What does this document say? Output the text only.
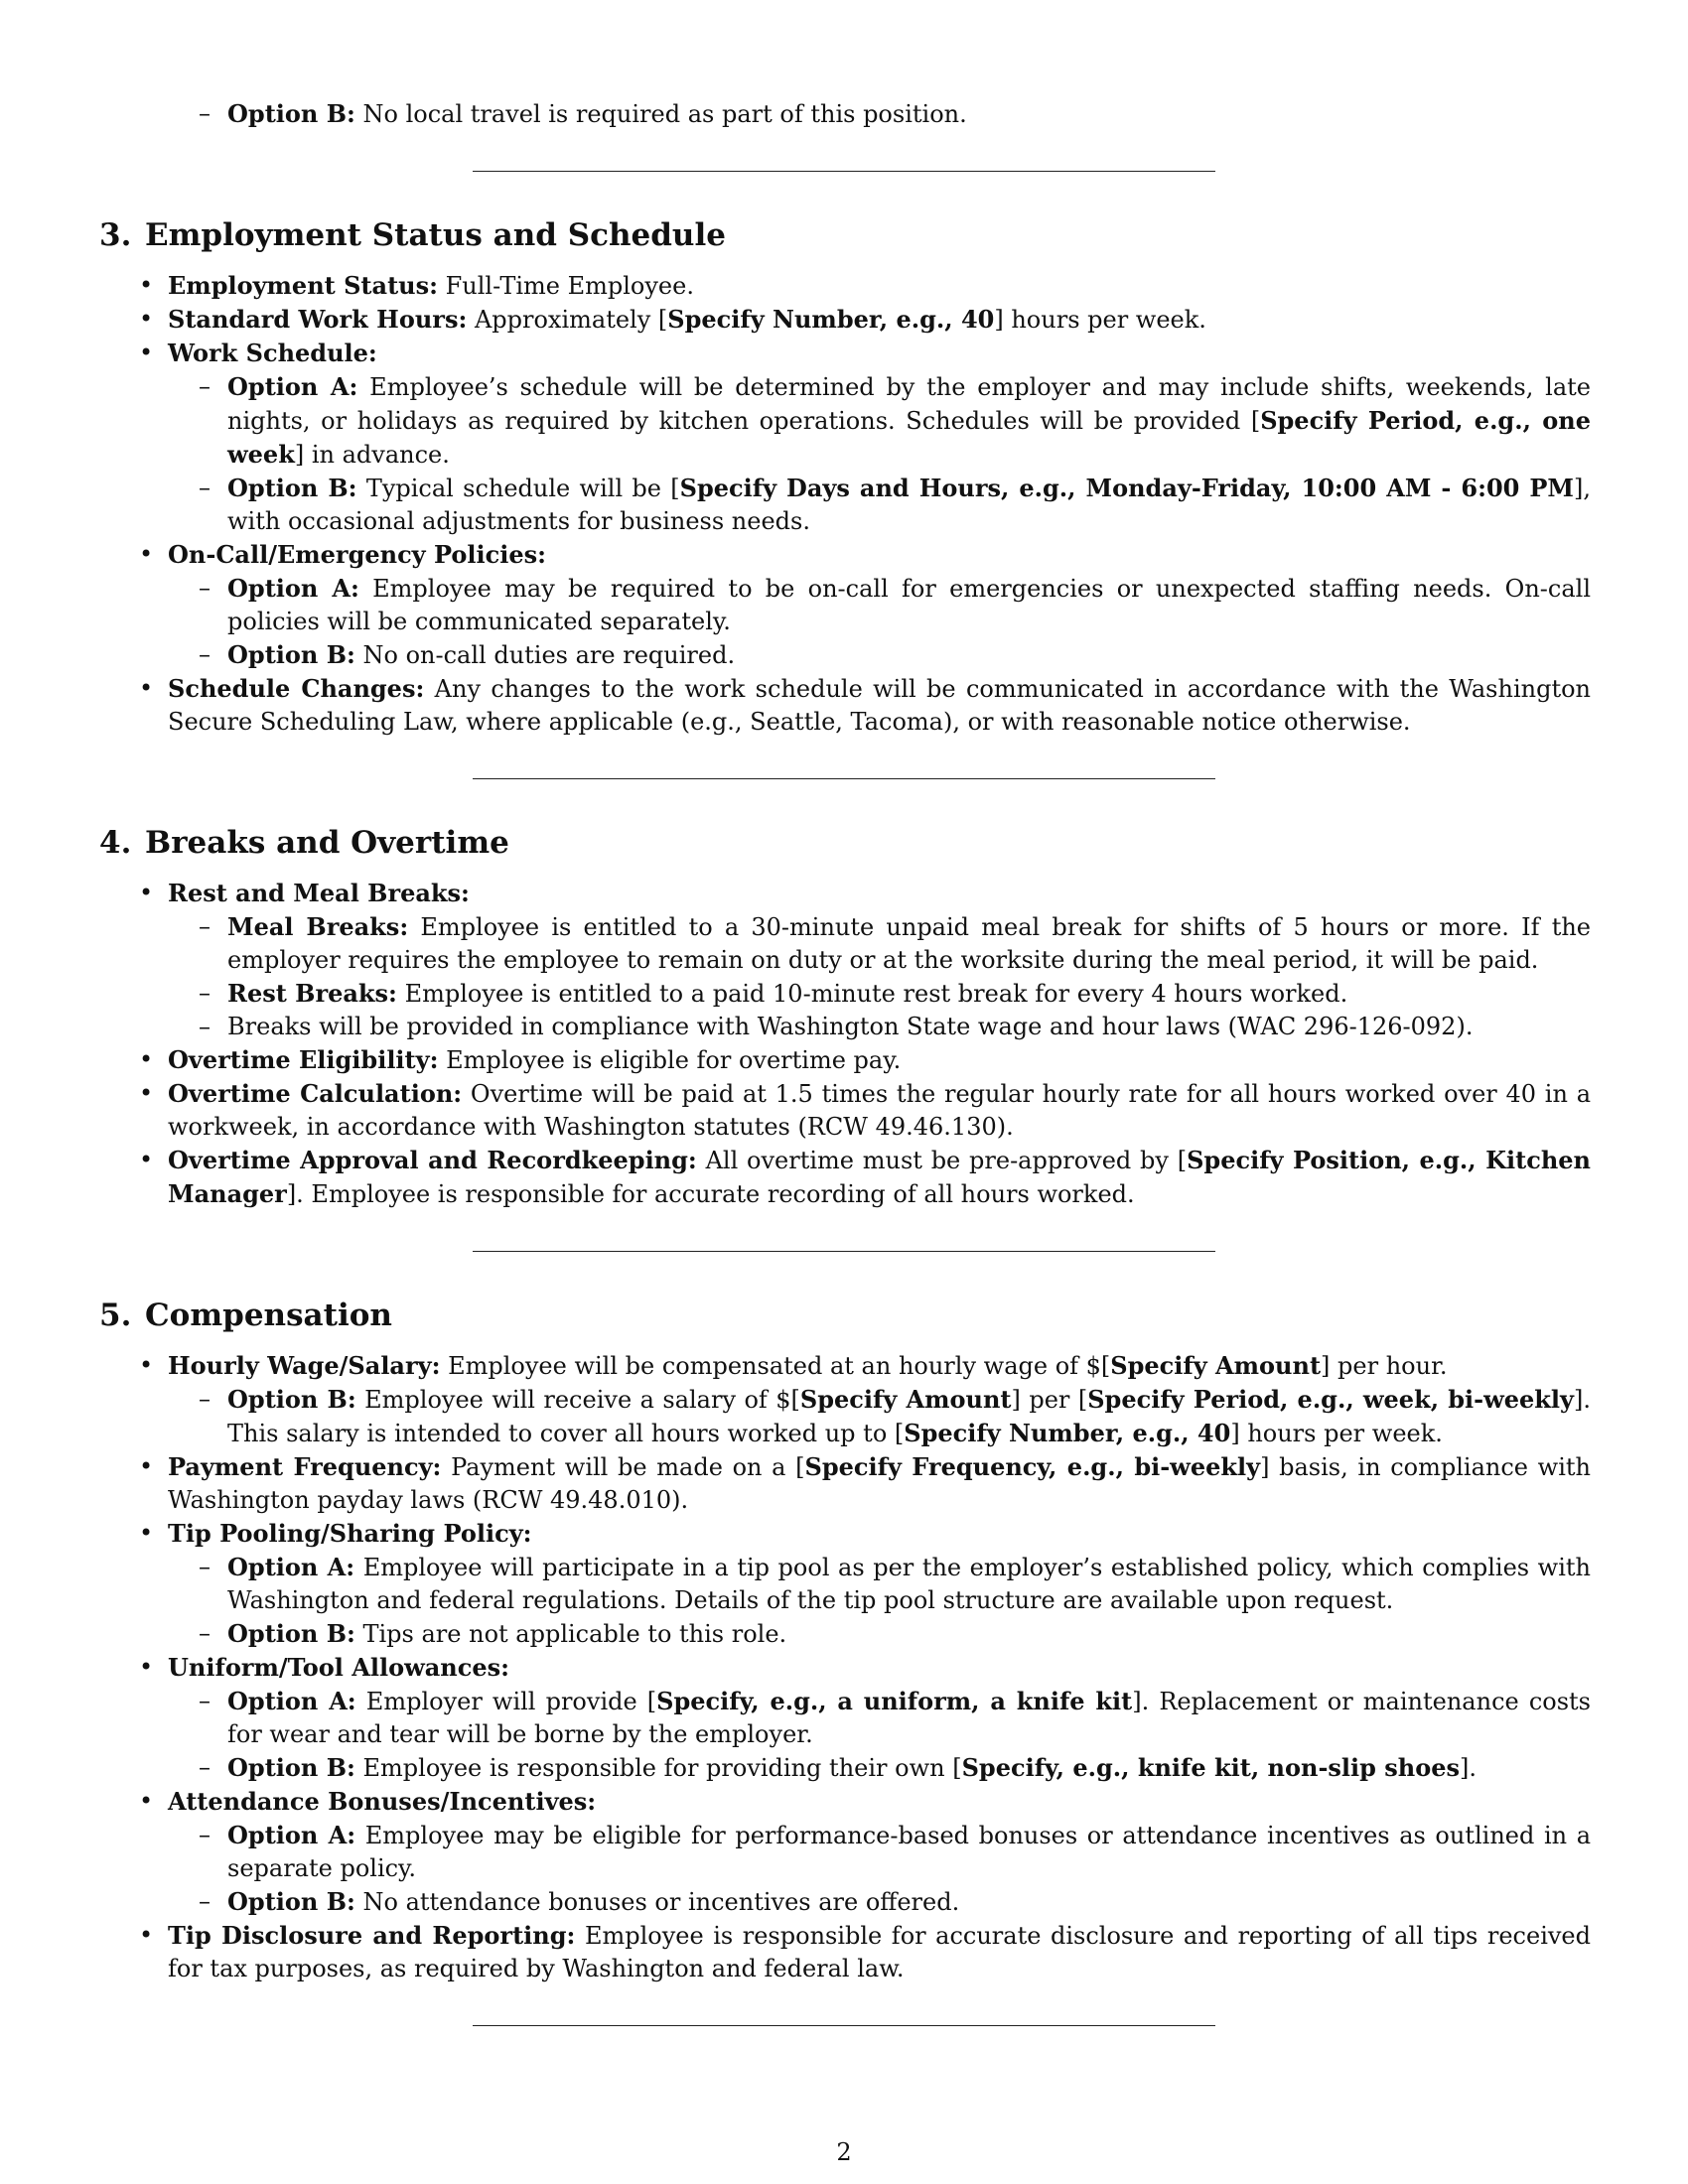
– Option B: No local travel is required as part of this position.
3. Employment Status and Schedule
• Employment Status: Full-Time Employee.
• Standard Work Hours: Approximately [Specify Number, e.g., 40] hours per week.
• Work Schedule:
– Option A: Employee’s schedule will be determined by the employer and may include shifts, weekends, late nights, or holidays as required by kitchen operations. Schedules will be provided [Specify Period, e.g., one week] in advance.
– Option B: Typical schedule will be [Specify Days and Hours, e.g., Monday-Friday, 10:00 AM - 6:00 PM], with occasional adjustments for business needs.
• On-Call/Emergency Policies:
– Option A: Employee may be required to be on-call for emergencies or unexpected staffing needs. On-call policies will be communicated separately.
– Option B: No on-call duties are required.
• Schedule Changes: Any changes to the work schedule will be communicated in accordance with the Washington Secure Scheduling Law, where applicable (e.g., Seattle, Tacoma), or with reasonable notice otherwise.
4. Breaks and Overtime
• Rest and Meal Breaks:
– Meal Breaks: Employee is entitled to a 30-minute unpaid meal break for shifts of 5 hours or more. If the employer requires the employee to remain on duty or at the worksite during the meal period, it will be paid.
– Rest Breaks: Employee is entitled to a paid 10-minute rest break for every 4 hours worked.
– Breaks will be provided in compliance with Washington State wage and hour laws (WAC 296-126-092).
• Overtime Eligibility: Employee is eligible for overtime pay.
• Overtime Calculation: Overtime will be paid at 1.5 times the regular hourly rate for all hours worked over 40 in a workweek, in accordance with Washington statutes (RCW 49.46.130).
• Overtime Approval and Recordkeeping: All overtime must be pre-approved by [Specify Position, e.g., Kitchen Manager]. Employee is responsible for accurate recording of all hours worked.
5. Compensation
• Hourly Wage/Salary: Employee will be compensated at an hourly wage of $[Specify Amount] per hour.
– Option B: Employee will receive a salary of $[Specify Amount] per [Specify Period, e.g., week, bi-weekly]. This salary is intended to cover all hours worked up to [Specify Number, e.g., 40] hours per week.
• Payment Frequency: Payment will be made on a [Specify Frequency, e.g., bi-weekly] basis, in compliance with Washington payday laws (RCW 49.48.010).
• Tip Pooling/Sharing Policy:
– Option A: Employee will participate in a tip pool as per the employer’s established policy, which complies with Washington and federal regulations. Details of the tip pool structure are available upon request.
– Option B: Tips are not applicable to this role.
• Uniform/Tool Allowances:
– Option A: Employer will provide [Specify, e.g., a uniform, a knife kit]. Replacement or maintenance costs for wear and tear will be borne by the employer.
– Option B: Employee is responsible for providing their own [Specify, e.g., knife kit, non-slip shoes].
• Attendance Bonuses/Incentives:
– Option A: Employee may be eligible for performance-based bonuses or attendance incentives as outlined in a separate policy.
– Option B: No attendance bonuses or incentives are offered.
• Tip Disclosure and Reporting: Employee is responsible for accurate disclosure and reporting of all tips received for tax purposes, as required by Washington and federal law.
2
